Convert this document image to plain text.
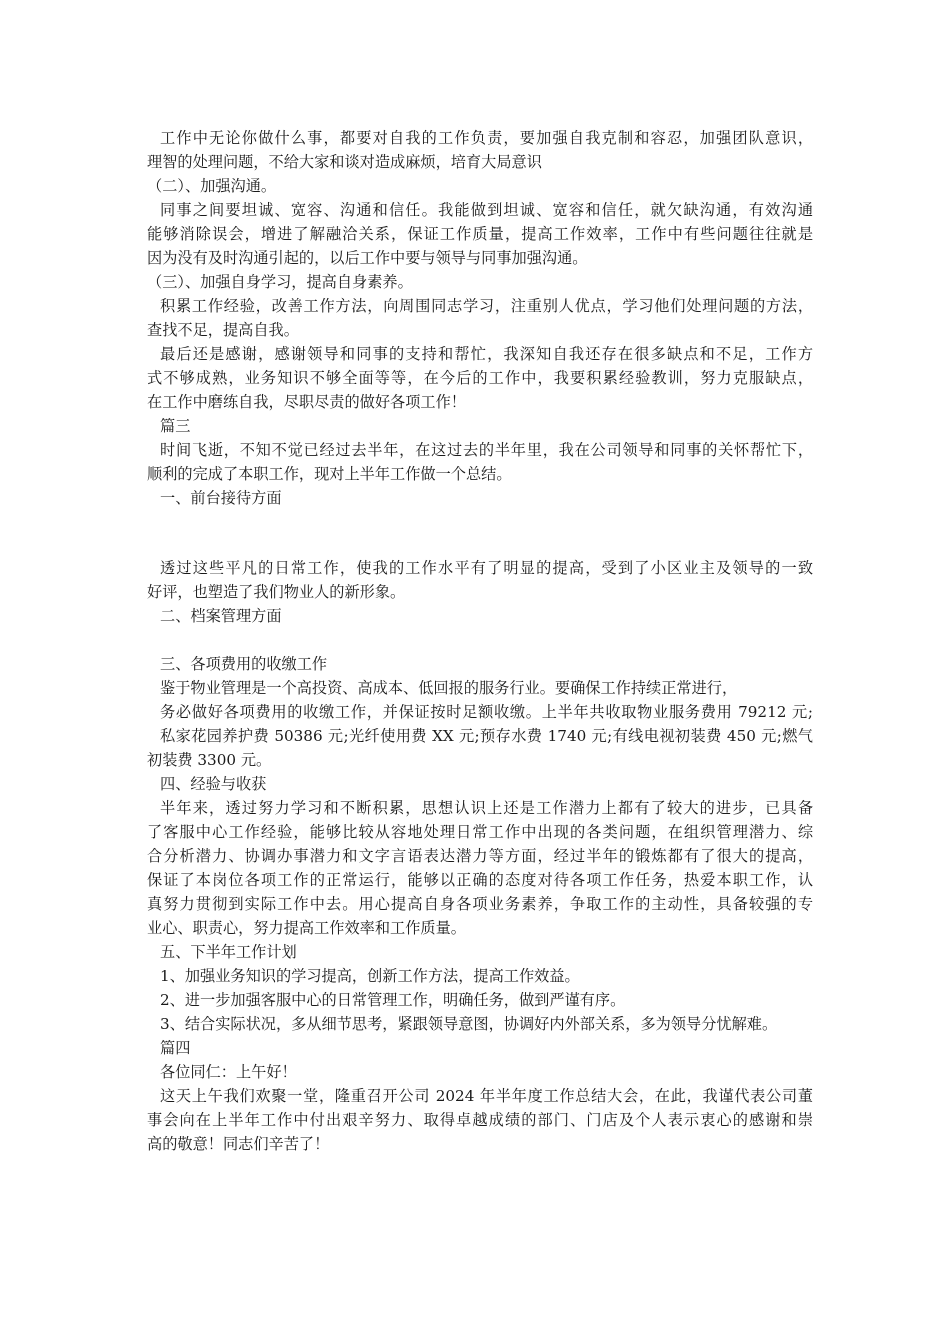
工作中无论你做什么事，都要对自我的工作负责，要加强自我克制和容忍，加强团队意识，
理智的处理问题，不给大家和谈对造成麻烦，培育大局意识
（二）、加强沟通。
同事之间要坦诚、宽容、沟通和信任。我能做到坦诚、宽容和信任，就欠缺沟通，有效沟通
能够消除误会，增进了解融洽关系，保证工作质量，提高工作效率，工作中有些问题往往就是
因为没有及时沟通引起的，以后工作中要与领导与同事加强沟通。
（三）、加强自身学习，提高自身素养。
积累工作经验，改善工作方法，向周围同志学习，注重别人优点，学习他们处理问题的方法，
查找不足，提高自我。
最后还是感谢，感谢领导和同事的支持和帮忙，我深知自我还存在很多缺点和不足，工作方
式不够成熟，业务知识不够全面等等，在今后的工作中，我要积累经验教训，努力克服缺点，
在工作中磨练自我，尽职尽责的做好各项工作！
篇三
时间飞逝，不知不觉已经过去半年，在这过去的半年里，我在公司领导和同事的关怀帮忙下，
顺利的完成了本职工作，现对上半年工作做一个总结。
一、前台接待方面
透过这些平凡的日常工作，使我的工作水平有了明显的提高，受到了小区业主及领导的一致
好评，也塑造了我们物业人的新形象。
二、档案管理方面
三、各项费用的收缴工作
鉴于物业管理是一个高投资、高成本、低回报的服务行业。要确保工作持续正常进行，
务必做好各项费用的收缴工作，并保证按时足额收缴。上半年共收取物业服务费用 79212 元;
私家花园养护费 50386 元;光纤使用费 XX 元;预存水费 1740 元;有线电视初装费 450 元;燃气
初装费 3300 元。
四、经验与收获
半年来，透过努力学习和不断积累，思想认识上还是工作潜力上都有了较大的进步，已具备
了客服中心工作经验，能够比较从容地处理日常工作中出现的各类问题，在组织管理潜力、综
合分析潜力、协调办事潜力和文字言语表达潜力等方面，经过半年的锻炼都有了很大的提高，
保证了本岗位各项工作的正常运行，能够以正确的态度对待各项工作任务，热爱本职工作，认
真努力贯彻到实际工作中去。用心提高自身各项业务素养，争取工作的主动性，具备较强的专
业心、职责心，努力提高工作效率和工作质量。
五、下半年工作计划
1、加强业务知识的学习提高，创新工作方法，提高工作效益。
2、进一步加强客服中心的日常管理工作，明确任务，做到严谨有序。
3、结合实际状况，多从细节思考，紧跟领导意图，协调好内外部关系，多为领导分忧解难。
篇四
各位同仁：上午好！
这天上午我们欢聚一堂，隆重召开公司 2024 年半年度工作总结大会，在此，我谨代表公司董
事会向在上半年工作中付出艰辛努力、取得卓越成绩的部门、门店及个人表示衷心的感谢和崇
高的敬意！同志们辛苦了！
